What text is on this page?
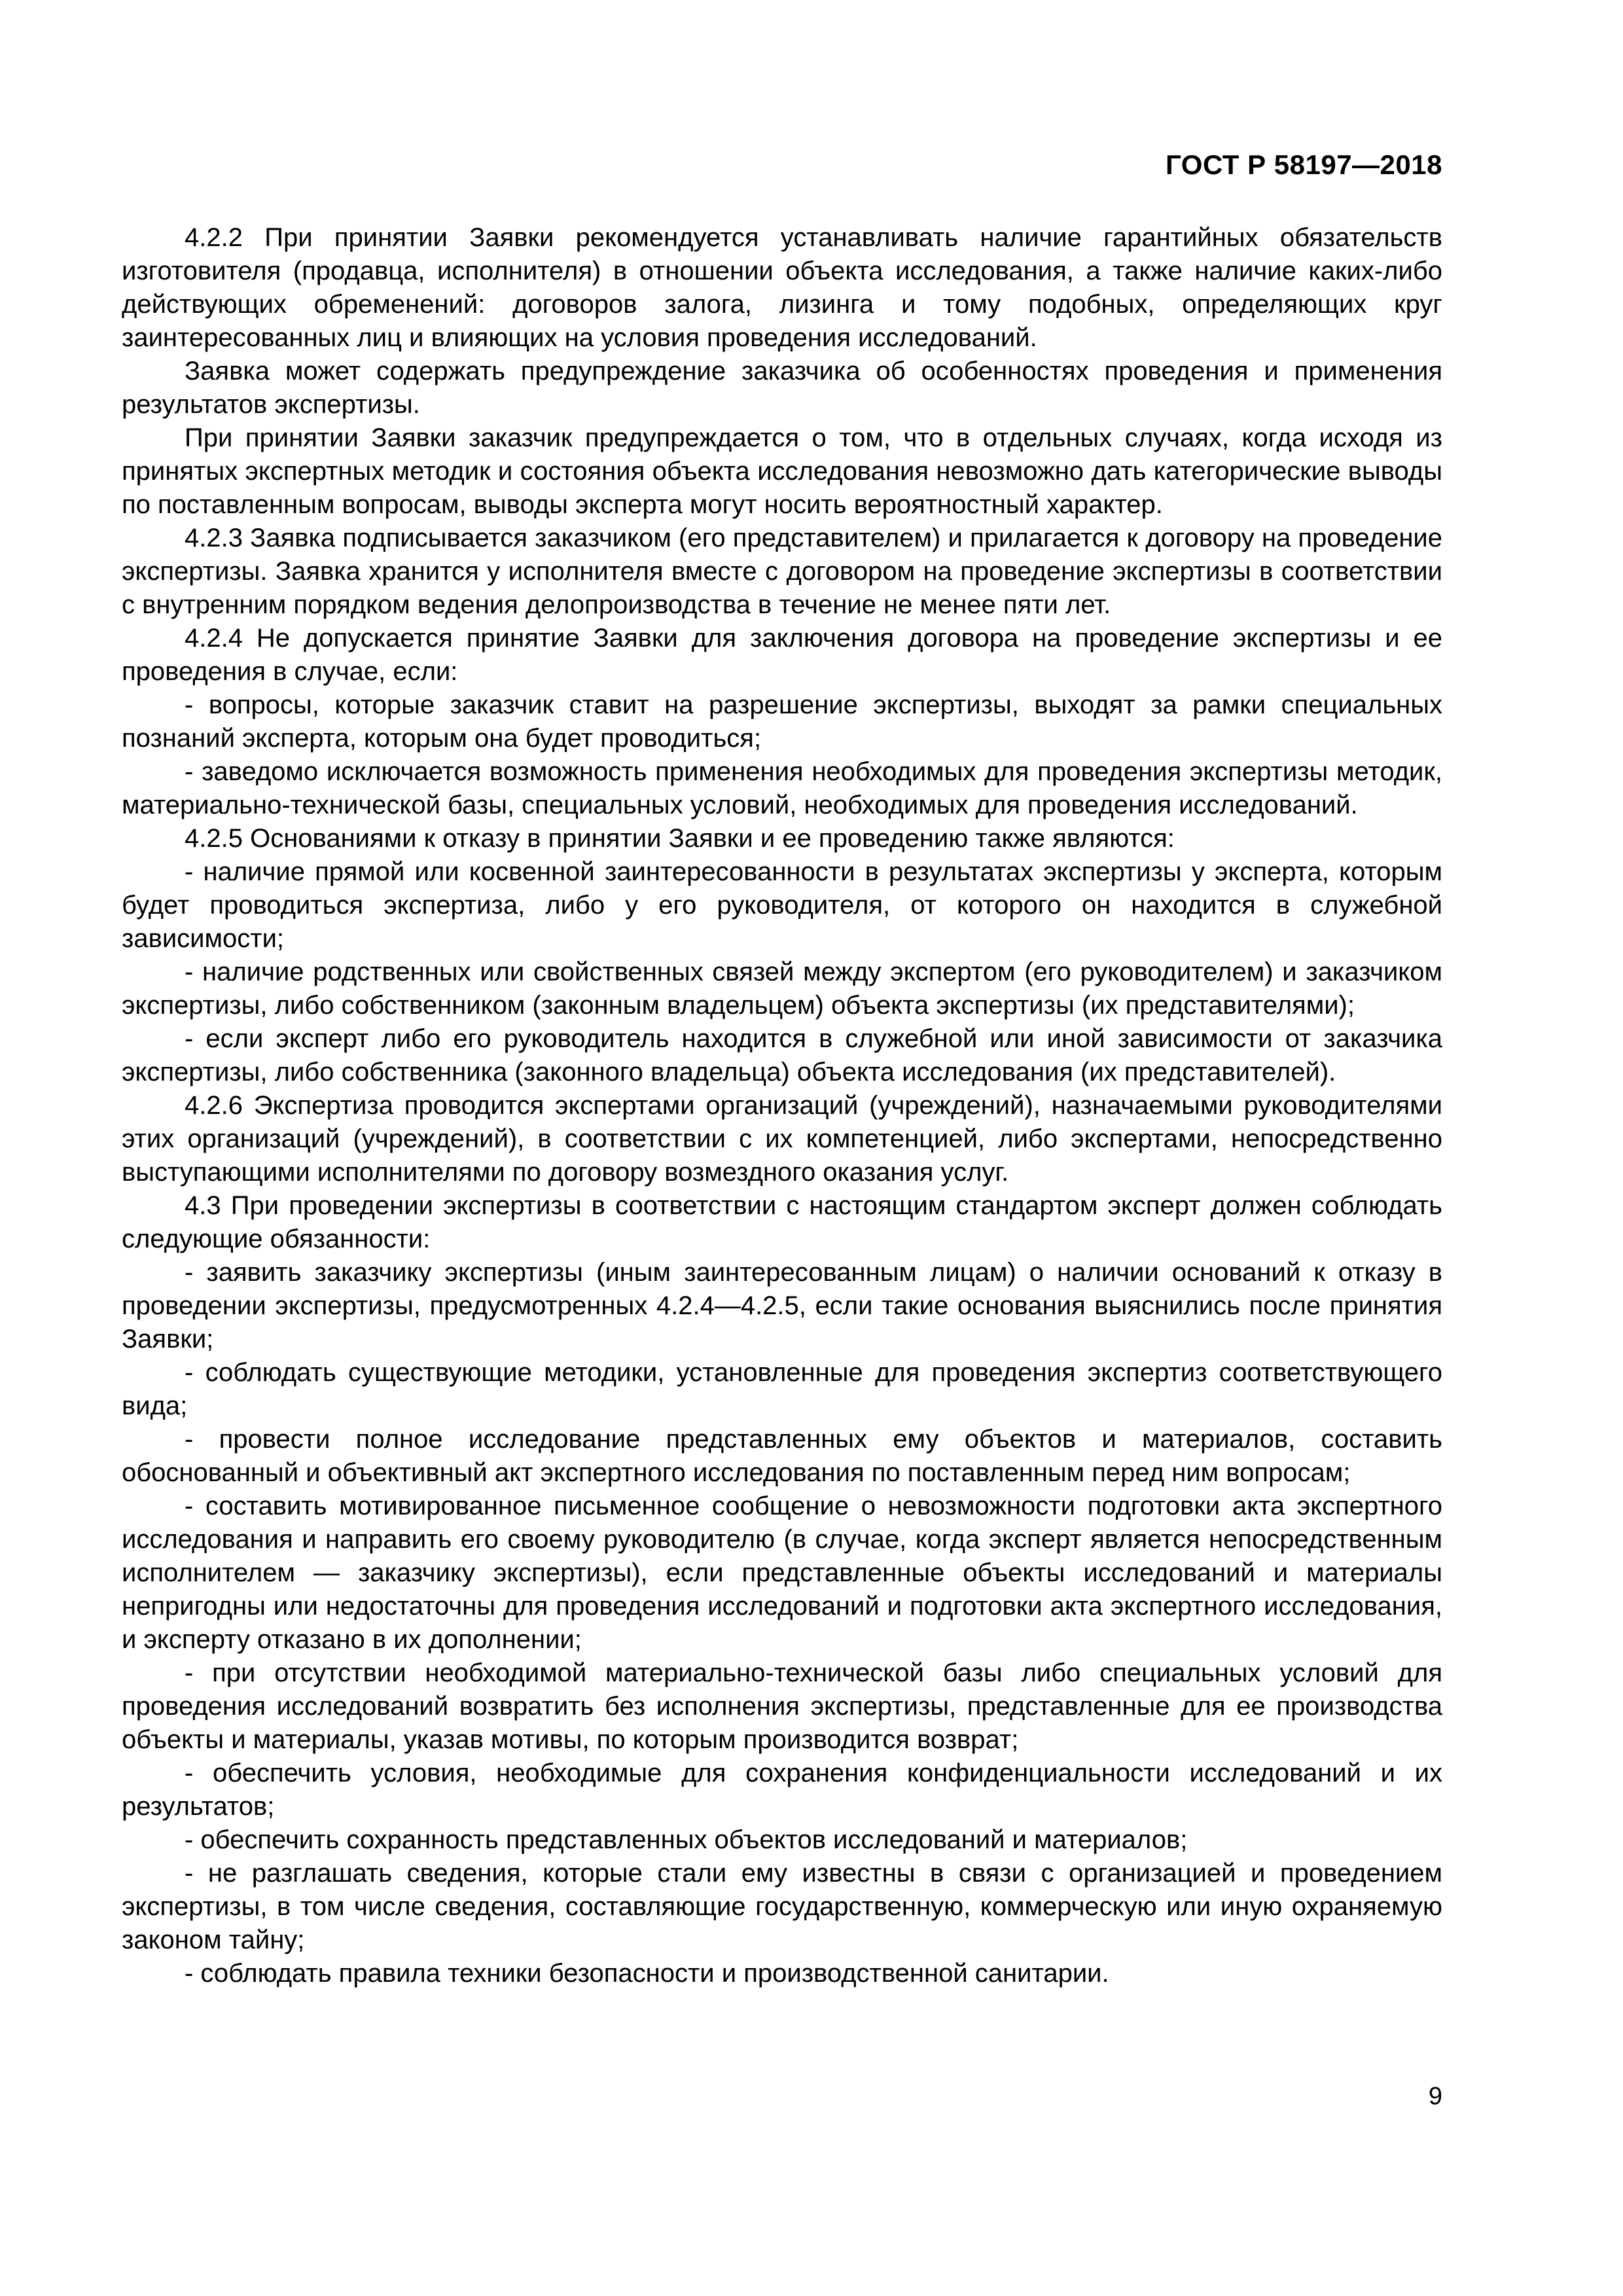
ГОСТ Р 58197—2018

4.2.2 При принятии Заявки рекомендуется устанавливать наличие гарантийных обязательств изготовителя (продавца, исполнителя) в отношении объекта исследования, а также наличие каких-либо действующих обременений: договоров залога, лизинга и тому подобных, определяющих круг заинтересованных лиц и влияющих на условия проведения исследований.

Заявка может содержать предупреждение заказчика об особенностях проведения и применения результатов экспертизы.

При принятии Заявки заказчик предупреждается о том, что в отдельных случаях, когда исходя из принятых экспертных методик и состояния объекта исследования невозможно дать категорические выводы по поставленным вопросам, выводы эксперта могут носить вероятностный характер.

4.2.3 Заявка подписывается заказчиком (его представителем) и прилагается к договору на проведение экспертизы. Заявка хранится у исполнителя вместе с договором на проведение экспертизы в соответствии с внутренним порядком ведения делопроизводства в течение не менее пяти лет.

4.2.4 Не допускается принятие Заявки для заключения договора на проведение экспертизы и ее проведения в случае, если:

- вопросы, которые заказчик ставит на разрешение экспертизы, выходят за рамки специальных познаний эксперта, которым она будет проводиться;

- заведомо исключается возможность применения необходимых для проведения экспертизы методик, материально-технической базы, специальных условий, необходимых для проведения исследований.

4.2.5 Основаниями к отказу в принятии Заявки и ее проведению также являются:

- наличие прямой или косвенной заинтересованности в результатах экспертизы у эксперта, которым будет проводиться экспертиза, либо у его руководителя, от которого он находится в служебной зависимости;

- наличие родственных или свойственных связей между экспертом (его руководителем) и заказчиком экспертизы, либо собственником (законным владельцем) объекта экспертизы (их представителями);

- если эксперт либо его руководитель находится в служебной или иной зависимости от заказчика экспертизы, либо собственника (законного владельца) объекта исследования (их представителей).

4.2.6 Экспертиза проводится экспертами организаций (учреждений), назначаемыми руководителями этих организаций (учреждений), в соответствии с их компетенцией, либо экспертами, непосредственно выступающими исполнителями по договору возмездного оказания услуг.

4.3 При проведении экспертизы в соответствии с настоящим стандартом эксперт должен соблюдать следующие обязанности:

- заявить заказчику экспертизы (иным заинтересованным лицам) о наличии оснований к отказу в проведении экспертизы, предусмотренных 4.2.4—4.2.5, если такие основания выяснились после принятия Заявки;

- соблюдать существующие методики, установленные для проведения экспертиз соответствующего вида;

- провести полное исследование представленных ему объектов и материалов, составить обоснованный и объективный акт экспертного исследования по поставленным перед ним вопросам;

- составить мотивированное письменное сообщение о невозможности подготовки акта экспертного исследования и направить его своему руководителю (в случае, когда эксперт является непосредственным исполнителем — заказчику экспертизы), если представленные объекты исследований и материалы непригодны или недостаточны для проведения исследований и подготовки акта экспертного исследования, и эксперту отказано в их дополнении;

- при отсутствии необходимой материально-технической базы либо специальных условий для проведения исследований возвратить без исполнения экспертизы, представленные для ее производства объекты и материалы, указав мотивы, по которым производится возврат;

- обеспечить условия, необходимые для сохранения конфиденциальности исследований и их результатов;

- обеспечить сохранность представленных объектов исследований и материалов;

- не разглашать сведения, которые стали ему известны в связи с организацией и проведением экспертизы, в том числе сведения, составляющие государственную, коммерческую или иную охраняемую законом тайну;

- соблюдать правила техники безопасности и производственной санитарии.

9
